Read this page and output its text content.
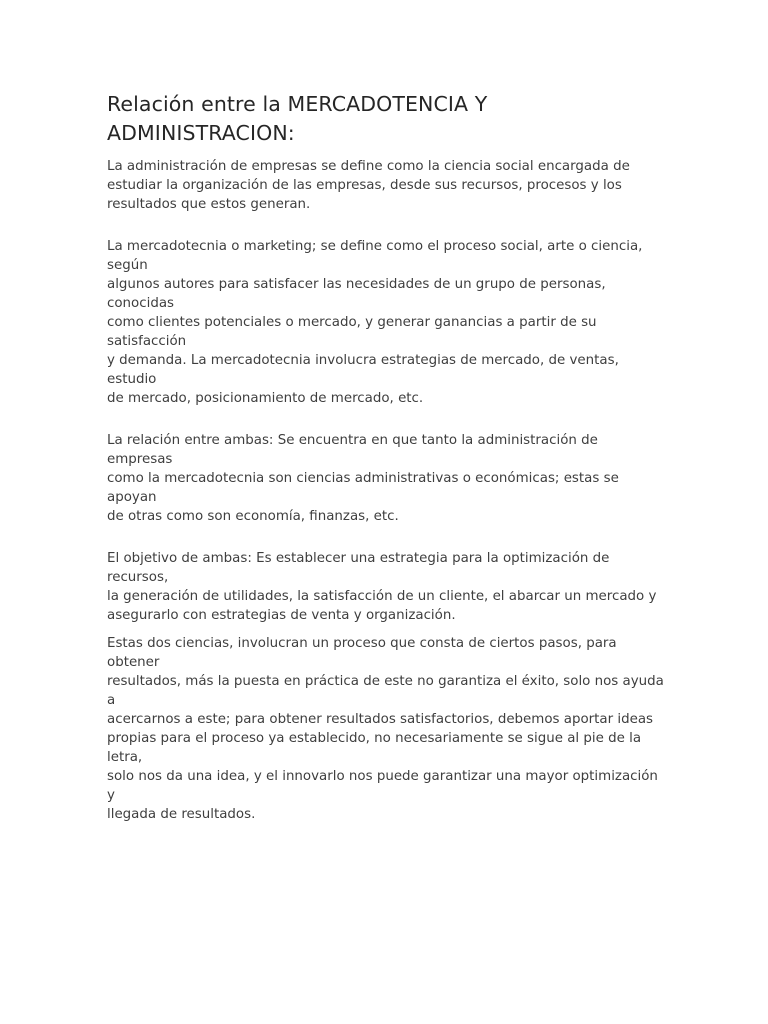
Relación entre la MERCADOTENCIA Y
ADMINISTRACION:
La administración de empresas se define como la ciencia social encargada de
estudiar la organización de las empresas, desde sus recursos, procesos y los
resultados que estos generan.
La mercadotecnia o marketing; se define como el proceso social, arte o ciencia, según
algunos autores para satisfacer las necesidades de un grupo de personas, conocidas
como clientes potenciales o mercado, y generar ganancias a partir de su satisfacción
y demanda. La mercadotecnia involucra estrategias de mercado, de ventas, estudio
de mercado, posicionamiento de mercado, etc.
La relación entre ambas: Se encuentra en que tanto la administración de empresas
como la mercadotecnia son ciencias administrativas o económicas; estas se apoyan
de otras como son economía, finanzas, etc.
El objetivo de ambas: Es establecer una estrategia para la optimización de recursos,
la generación de utilidades, la satisfacción de un cliente, el abarcar un mercado y
asegurarlo con estrategias de venta y organización.
Estas dos ciencias, involucran un proceso que consta de ciertos pasos, para obtener
resultados, más la puesta en práctica de este no garantiza el éxito, solo nos ayuda a
acercarnos a este; para obtener resultados satisfactorios, debemos aportar ideas
propias para el proceso ya establecido, no necesariamente se sigue al pie de la letra,
solo nos da una idea, y el innovarlo nos puede garantizar una mayor optimización y
llegada de resultados.
